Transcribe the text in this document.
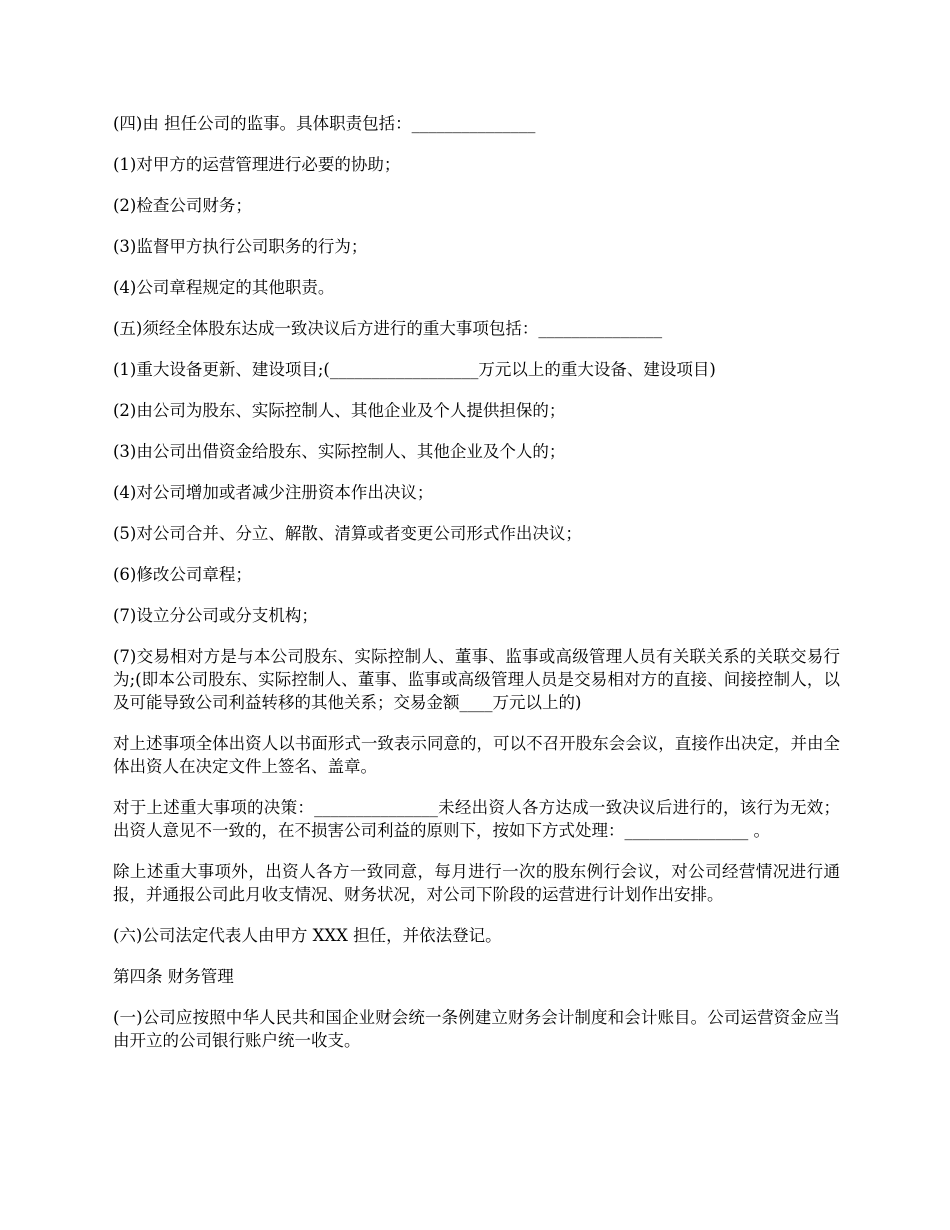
(四)由 担任公司的监事。具体职责包括：_______________

(1)对甲方的运营管理进行必要的协助；

(2)检查公司财务；

(3)监督甲方执行公司职务的行为；

(4)公司章程规定的其他职责。

(五)须经全体股东达成一致决议后方进行的重大事项包括：_______________

(1)重大设备更新、建设项目;(__________________万元以上的重大设备、建设项目)

(2)由公司为股东、实际控制人、其他企业及个人提供担保的；

(3)由公司出借资金给股东、实际控制人、其他企业及个人的；

(4)对公司增加或者减少注册资本作出决议；

(5)对公司合并、分立、解散、清算或者变更公司形式作出决议；

(6)修改公司章程；

(7)设立分公司或分支机构；

(7)交易相对方是与本公司股东、实际控制人、董事、监事或高级管理人员有关联关系的关联交易行为;(即本公司股东、实际控制人、董事、监事或高级管理人员是交易相对方的直接、间接控制人，以及可能导致公司利益转移的其他关系；交易金额____万元以上的)

对上述事项全体出资人以书面形式一致表示同意的，可以不召开股东会会议，直接作出决定，并由全体出资人在决定文件上签名、盖章。

对于上述重大事项的决策：_______________未经出资人各方达成一致决议后进行的，该行为无效；出资人意见不一致的，在不损害公司利益的原则下，按如下方式处理：_______________ 。

除上述重大事项外，出资人各方一致同意，每月进行一次的股东例行会议，对公司经营情况进行通报，并通报公司此月收支情况、财务状况，对公司下阶段的运营进行计划作出安排。

(六)公司法定代表人由甲方 XXX 担任，并依法登记。

第四条 财务管理

(一)公司应按照中华人民共和国企业财会统一条例建立财务会计制度和会计账目。公司运营资金应当由开立的公司银行账户统一收支。
